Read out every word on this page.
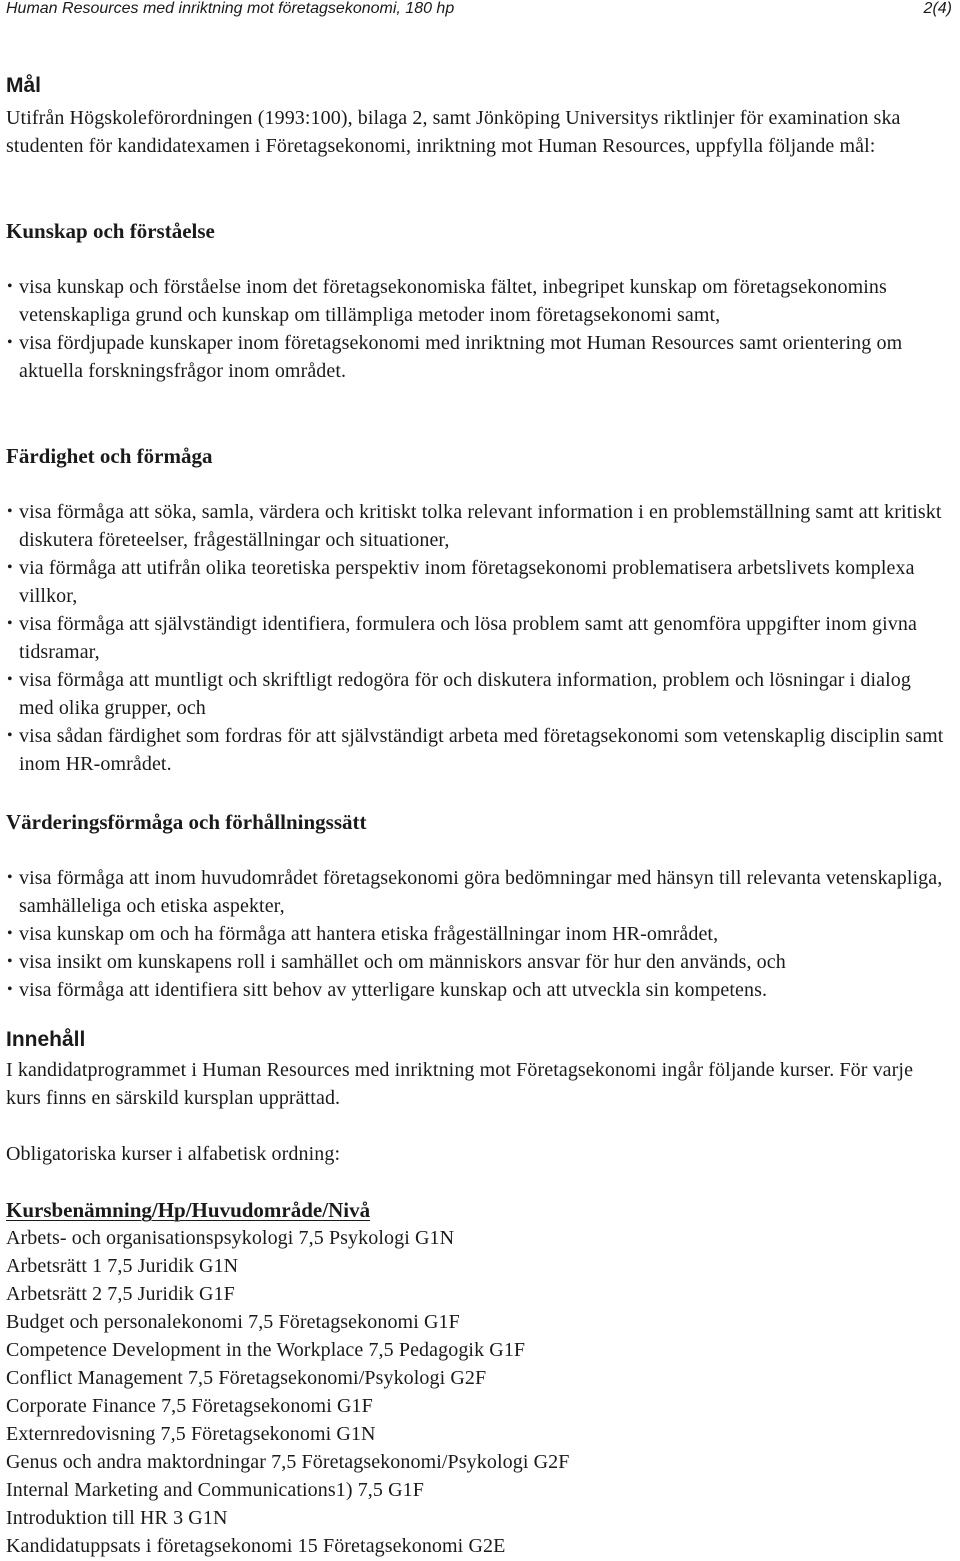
Human Resources med inriktning mot företagsekonomi, 180 hp	2(4)
Mål
Utifrån Högskoleförordningen (1993:100), bilaga 2, samt Jönköping Universitys riktlinjer för examination ska studenten för kandidatexamen i Företagsekonomi, inriktning mot Human Resources, uppfylla följande mål:
Kunskap och förståelse
• visa kunskap och förståelse inom det företagsekonomiska fältet, inbegripet kunskap om företagsekonomins vetenskapliga grund och kunskap om tillämpliga metoder inom företagsekonomi samt,
• visa fördjupade kunskaper inom företagsekonomi med inriktning mot Human Resources samt orientering om aktuella forskningsfrågor inom området.
Färdighet och förmåga
• visa förmåga att söka, samla, värdera och kritiskt tolka relevant information i en problemställning samt att kritiskt diskutera företeelser, frågeställningar och situationer,
• via förmåga att utifrån olika teoretiska perspektiv inom företagsekonomi problematisera arbetslivets komplexa villkor,
• visa förmåga att självständigt identifiera, formulera och lösa problem samt att genomföra uppgifter inom givna tidsramar,
• visa förmåga att muntligt och skriftligt redogöra för och diskutera information, problem och lösningar i dialog med olika grupper, och
• visa sådan färdighet som fordras för att självständigt arbeta med företagsekonomi som vetenskaplig disciplin samt inom HR-området.
Värderingsförmåga och förhållningssätt
• visa förmåga att inom huvudområdet företagsekonomi göra bedömningar med hänsyn till relevanta vetenskapliga, samhälleliga och etiska aspekter,
• visa kunskap om och ha förmåga att hantera etiska frågeställningar inom HR-området,
• visa insikt om kunskapens roll i samhället och om människors ansvar för hur den används, och
• visa förmåga att identifiera sitt behov av ytterligare kunskap och att utveckla sin kompetens.
Innehåll
I kandidatprogrammet i Human Resources med inriktning mot Företagsekonomi ingår följande kurser. För varje kurs finns en särskild kursplan upprättad.
Obligatoriska kurser i alfabetisk ordning:
Kursbenämning/Hp/Huvudområde/Nivå
Arbets- och organisationspsykologi 7,5 Psykologi G1N
Arbetsrätt 1 7,5 Juridik G1N
Arbetsrätt 2 7,5 Juridik G1F
Budget och personalekonomi 7,5 Företagsekonomi G1F
Competence Development in the Workplace 7,5 Pedagogik G1F
Conflict Management 7,5 Företagsekonomi/Psykologi G2F
Corporate Finance 7,5 Företagsekonomi G1F
Externredovisning 7,5 Företagsekonomi G1N
Genus och andra maktordningar 7,5 Företagsekonomi/Psykologi G2F
Internal Marketing and Communications1) 7,5 G1F
Introduktion till HR 3 G1N
Kandidatuppsats i företagsekonomi 15 Företagsekonomi G2E
